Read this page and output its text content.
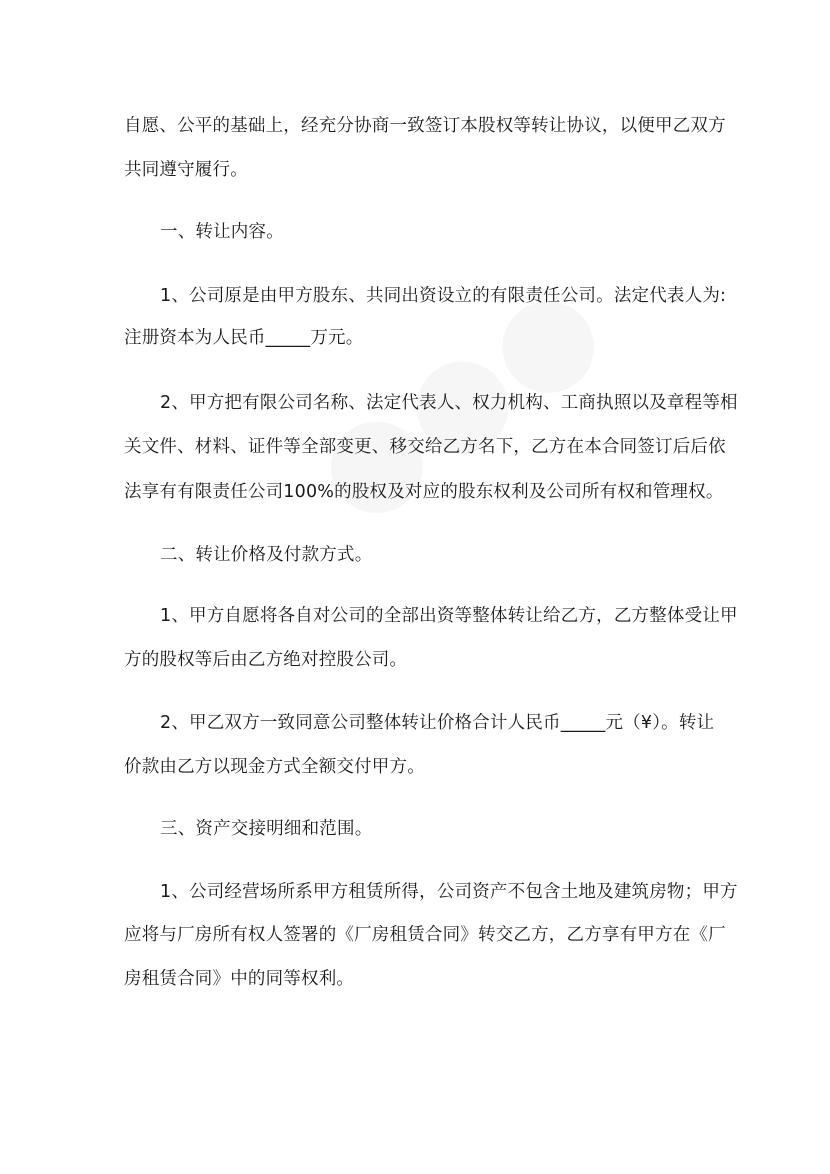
自愿、公平的基础上，经充分协商一致签订本股权等转让协议，以便甲乙双方
共同遵守履行。
一、转让内容。
1、公司原是由甲方股东、共同出资设立的有限责任公司。法定代表人为:
注册资本为人民币_____万元。
2、甲方把有限公司名称、法定代表人、权力机构、工商执照以及章程等相
关文件、材料、证件等全部变更、移交给乙方名下，乙方在本合同签订后后依
法享有有限责任公司100%的股权及对应的股东权利及公司所有权和管理权。
二、转让价格及付款方式。
1、甲方自愿将各自对公司的全部出资等整体转让给乙方，乙方整体受让甲
方的股权等后由乙方绝对控股公司。
2、甲乙双方一致同意公司整体转让价格合计人民币_____元（¥）。转让
价款由乙方以现金方式全额交付甲方。
三、资产交接明细和范围。
1、公司经营场所系甲方租赁所得，公司资产不包含土地及建筑房物；甲方
应将与厂房所有权人签署的《厂房租赁合同》转交乙方，乙方享有甲方在《厂
房租赁合同》中的同等权利。
